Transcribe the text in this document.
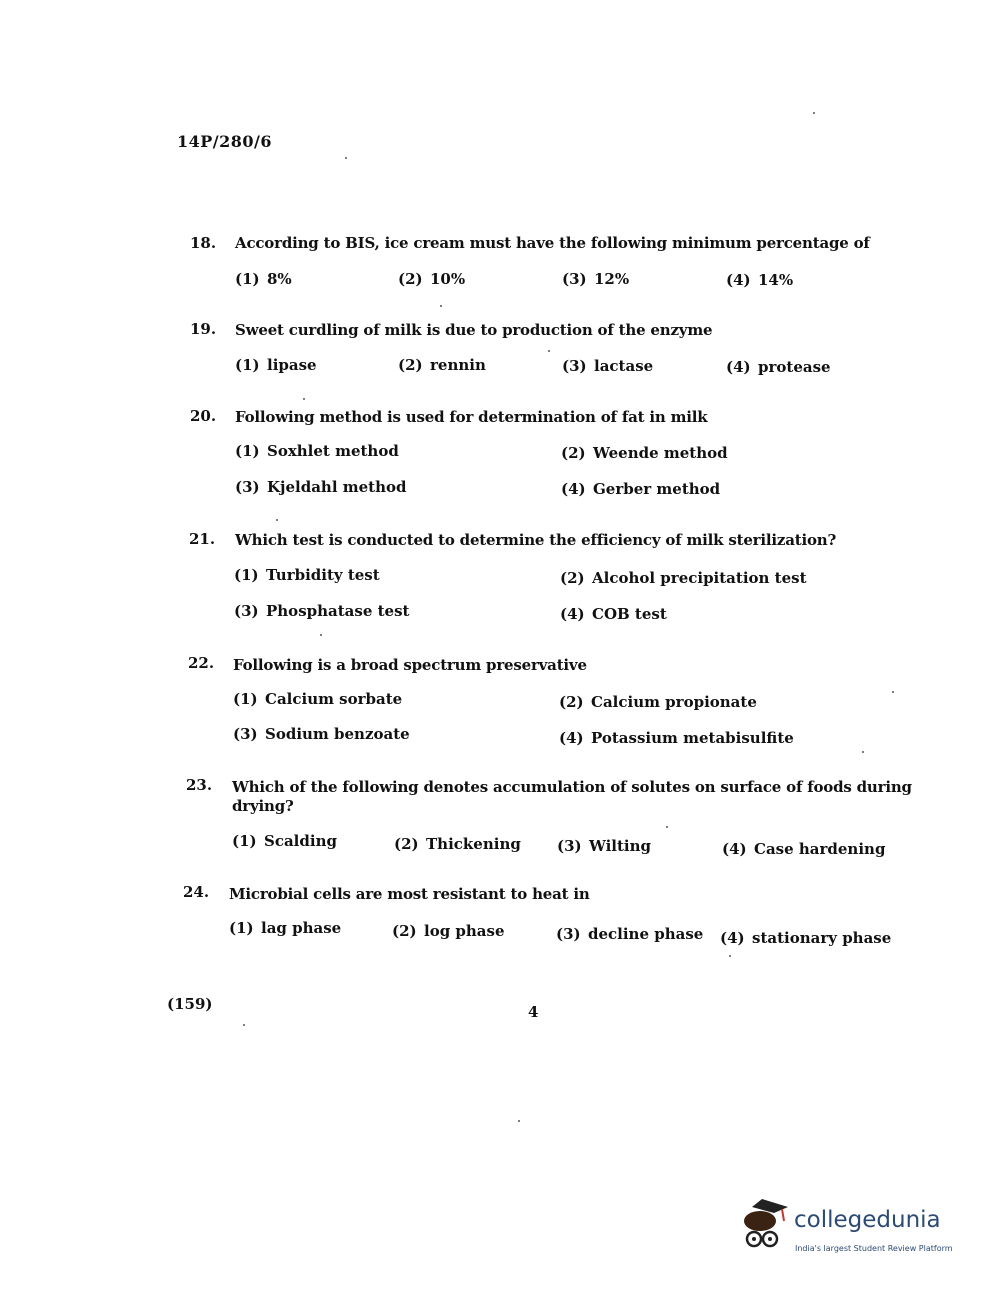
14P/280/6
18. According to BIS, ice cream must have the following minimum percentage of
(1) 8%	(2) 10%	(3) 12%	(4) 14%
19. Sweet curdling of milk is due to production of the enzyme
(1) lipase	(2) rennin	(3) lactase	(4) protease
20. Following method is used for determination of fat in milk
(1) Soxhlet method	(2) Weende method
(3) Kjeldahl method	(4) Gerber method
21. Which test is conducted to determine the efficiency of milk sterilization?
(1) Turbidity test	(2) Alcohol precipitation test
(3) Phosphatase test	(4) COB test
22. Following is a broad spectrum preservative
(1) Calcium sorbate	(2) Calcium propionate
(3) Sodium benzoate	(4) Potassium metabisulfite
23. Which of the following denotes accumulation of solutes on surface of foods during
drying?
(1) Scalding	(2) Thickening (3) Wilting	(4) Case hardening
24. Microbial cells are most resistant to heat in
(1) lag phase	(2) log phase	(3) decline phase (4) stationary phase
(159)	4
collegedunia
India's largest Student Review Platform
